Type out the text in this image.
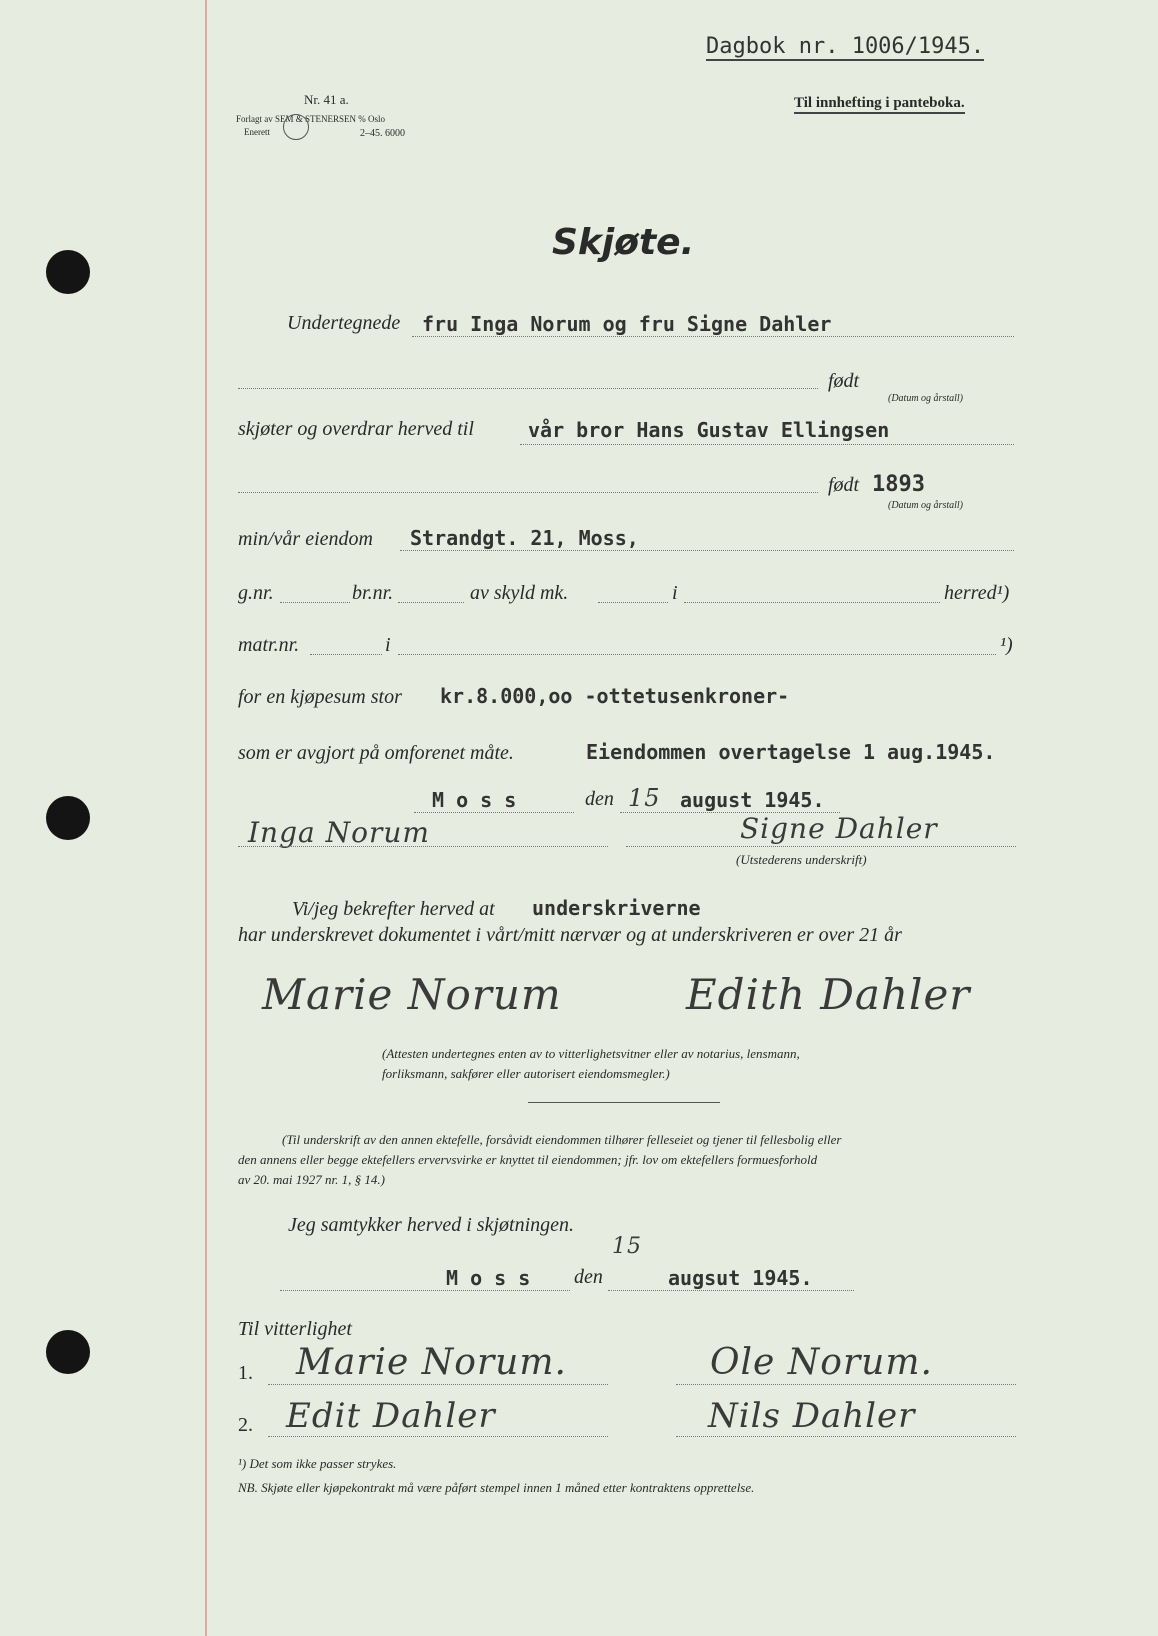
Dagbok nr. 1006/1945.
Nr. 41 a.
Forlagt av SEM & STENERSEN % Oslo
Enerett	2–45. 6000
Til innhefting i panteboka.
Skjøte.
Undertegnede fru Inga Norum og fru Signe Dahler
født
(Datum og årstall)
skjøter og overdrar herved til	vår bror Hans Gustav Ellingsen
født 1893
(Datum og årstall)
min/vår eiendom Strandgt. 21, Moss,
g.nr.	br.nr.	av skyld mk.	i	herred¹)
matr.nr.	i	¹)
for en kjøpesum stor kr.8.000,oo -ottetusenkroner-
som er avgjort på omforenet måte.	Eiendommen overtagelse 1 aug.1945.
M o s s	den 15 august 1945.
Inga Norum	Signe Dahler
(Utstederens underskrift)
Vi/jeg bekrefter herved at underskriverne
har underskrevet dokumentet i vårt/mitt nærvær og at underskriveren er over 21 år
Marie Norum	Edith Dahler
(Attesten undertegnes enten av to vitterlighetsvitner eller av notarius, lensmann,
forliksmann, sakfører eller autorisert eiendomsmegler.)
(Til underskrift av den annen ektefelle, forsåvidt eiendommen tilhører felleseiet og tjener til fellesbolig eller
den annens eller begge ektefellers ervervsvirke er knyttet til eiendommen; jfr. lov om ektefellers formuesforhold
av 20. mai 1927 nr. 1, § 14.)
Jeg samtykker herved i skjøtningen.
M o s s den
15
augsut 1945.
Til vitterlighet
1. Marie Norum.	Ole Norum.
2. Edit Dahler	Nils Dahler
¹) Det som ikke passer strykes.
NB. Skjøte eller kjøpekontrakt må være påført stempel innen 1 måned etter kontraktens opprettelse.
